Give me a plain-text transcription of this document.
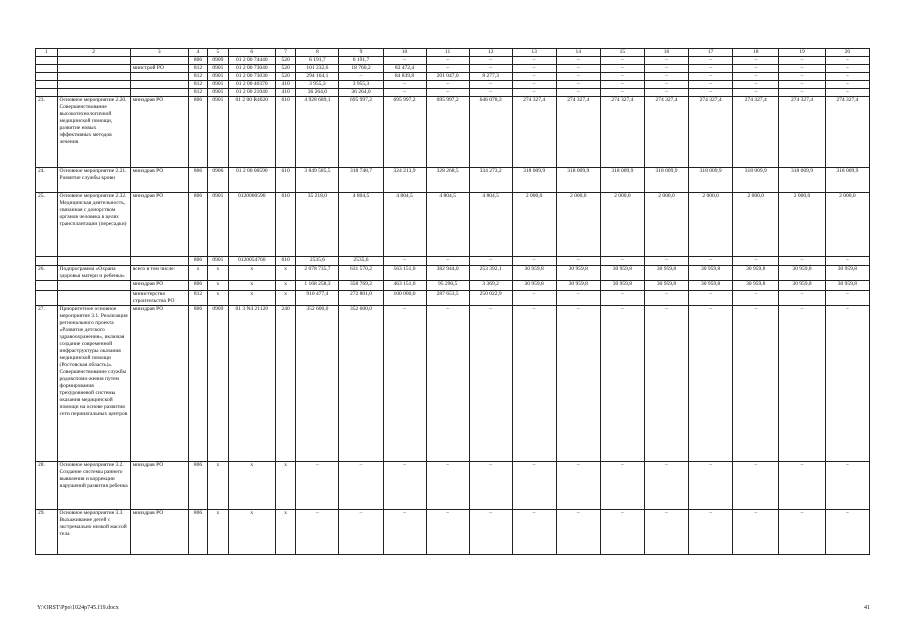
1	2	3	4	5	6	7	8	9	10	11	12	13	14	15	16	17	18	19	20
			806	0909	01 2 00 74440	520	6 191,7	6 191,7	–	–	–	–	–	–	–	–	–	–	–
		минстрой РО	812	0901	01 2 00 73040	520	101 232,6	18 760,2	82 472,4	–	–	–	–	–	–	–	–	–	–
			812	0901	01 2 00 73030	520	294 164,1	–	84 839,8	201 047,0	8 277,3	–	–	–	–	–	–	–	–
			812	0901	01 2 00 40370	410	3 955,3	3 955,3	–	–	–	–	–	–	–	–	–	–	–
			812	0901	01 2 00 21040	410	36 264,0	36 264,0	–	–	–	–	–	–	–	–	–	–	–
23.	Основное мероприятие 2.20. Совершенствование высокотехнологичной медицинской помощи, развитие новых эффективных методов лечения	минздрав РО	806	0901	01 2 00 R4020	610	4 928 689,1	695 997,2	695 997,2	695 997,2	646 078,3	274 327,4	274 327,4	274 327,4	274 327,4	274 327,4	274 327,4	274 327,4	274 327,4
24.	Основное мероприятие 2.21. Развитие службы крови	минздрав РО	806	0906	01 2 00 00590	610	3 849 585,5	318 748,7	324 213,9	328 268,5	334 273,2	318 009,9	318 009,9	318 009,9	318 009,9	318 009,9	318 009,9	318 009,9	318 009,9
25.	Основное мероприятие 2.32. Медицинская деятельность, связанная с донорством органов человека в целях трансплантации (пересадки)	минздрав РО	806	0901	0120000590	610	35 218,0	4 804,5	4 804,5	4 804,5	4 804,5	2 000,0	2 000,0	2 000,0	2 000,0	2 000,0	2 000,0	2 000,0	2 000,0
			806	0901	0120054760	610	2535,6	2535,6	–	–	–	–	–	–	–	–	–	–	–
26.	Подпрограмма «Охрана здоровья матери и ребенка»	всего в том числе:	х	х	х	х	2 078 735,7	631 570,2	563 151,0	382 944,0	253 392,1	30 959,8	30 959,8	30 959,8	30 959,8	30 959,8	30 959,8	30 959,8	30 959,8
		минздрав РО	806	х	х	х	1 168 258,3	358 769,2	463 151,0	95 290,5	3 369,2	30 959,8	30 959,8	30 959,8	30 959,8	30 959,8	30 959,8	30 959,8	30 959,8
		министерство строительства РО	812	х	х	х	910 477,4	272 801,0	100 000,0	287 653,5	250 022,9	–	–	–	–	–	–	–	–
27.	Приоритетное основное мероприятие 3.1. Реализация регионального проекта «Развитие детского здравоохранения», включая создание современной инфраструктуры оказания медицинской помощи (Ростовская область)». Совершенствование службы родовспомо-жения путем формирования трехуровневой системы оказания медицинской помощи на основе развития сети перинатальных центров	минздрав РО	806	0909	01 3 N4 21120	240	352 600,0	352 600,0	–	–	–	–	–	–	–	–	–	–	–
28.	Основное мероприятие 3.2. Создание системы раннего выявления и коррекции нарушений развития ребенка	минздрав РО	806	х	х	х	–	–	–	–	–	–	–	–	–	–	–	–	–
29.	Основное мероприятие 3.3 Выхаживание детей с экстремально низкой массой тела	минздрав РО	806	х	х	х	–	–	–	–	–	–	–	–	–	–	–	–	–
Y:\ORST\Ppo\1024p745.f19.docx	41
